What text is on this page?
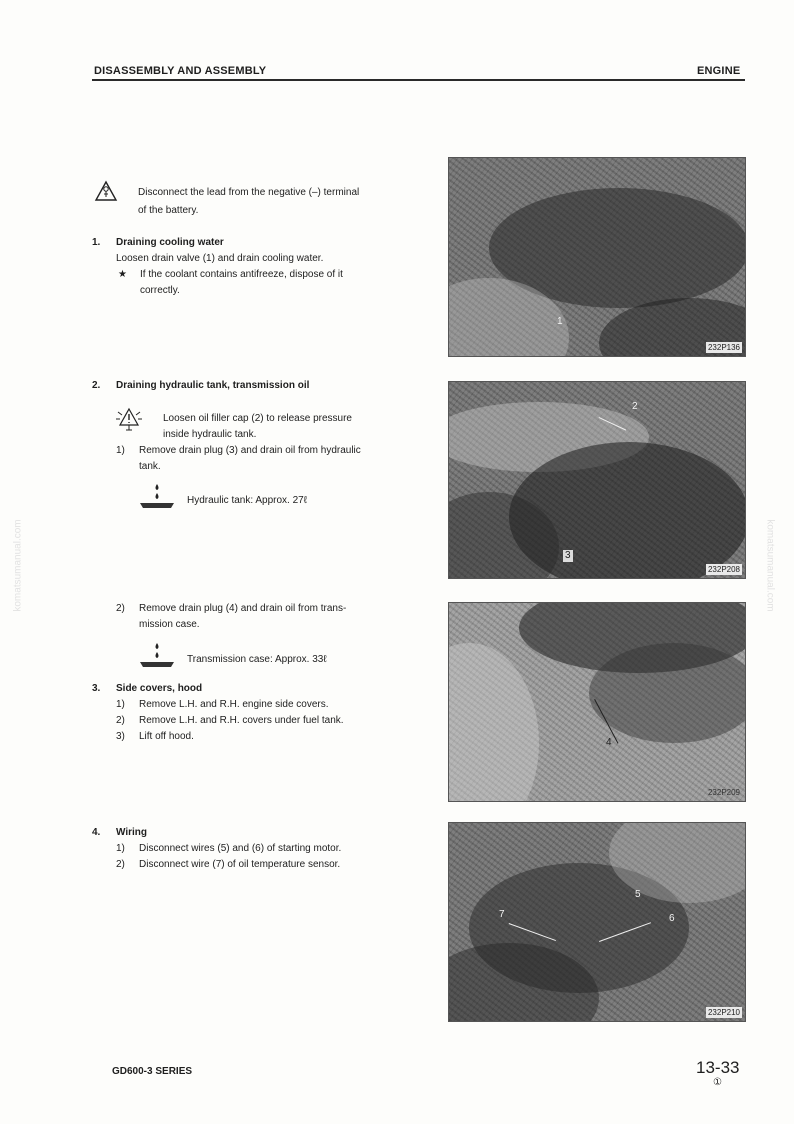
DISASSEMBLY AND ASSEMBLY	ENGINE
komatsumanual.com	komatsumanual.com
Disconnect the lead from the negative (–) terminal
of the battery.
1. Draining cooling water
Loosen drain valve (1) and drain cooling water.
★ If the coolant contains antifreeze, dispose of it
correctly.
2. Draining hydraulic tank, transmission oil
Loosen oil filler cap (2) to release pressure
inside hydraulic tank.
1) Remove drain plug (3) and drain oil from hydraulic
tank.
Hydraulic tank: Approx. 27ℓ
2) Remove drain plug (4) and drain oil from trans-
mission case.
Transmission case: Approx. 33ℓ
3. Side covers, hood
1) Remove L.H. and R.H. engine side covers.
2) Remove L.H. and R.H. covers under fuel tank.
3) Lift off hood.
4. Wiring
1) Disconnect wires (5) and (6) of starting motor.
2) Disconnect wire (7) of oil temperature sensor.
1
232P136
2
3
232P208
4
232P209
5
6
7
232P210
GD600-3 SERIES	13-33
①
